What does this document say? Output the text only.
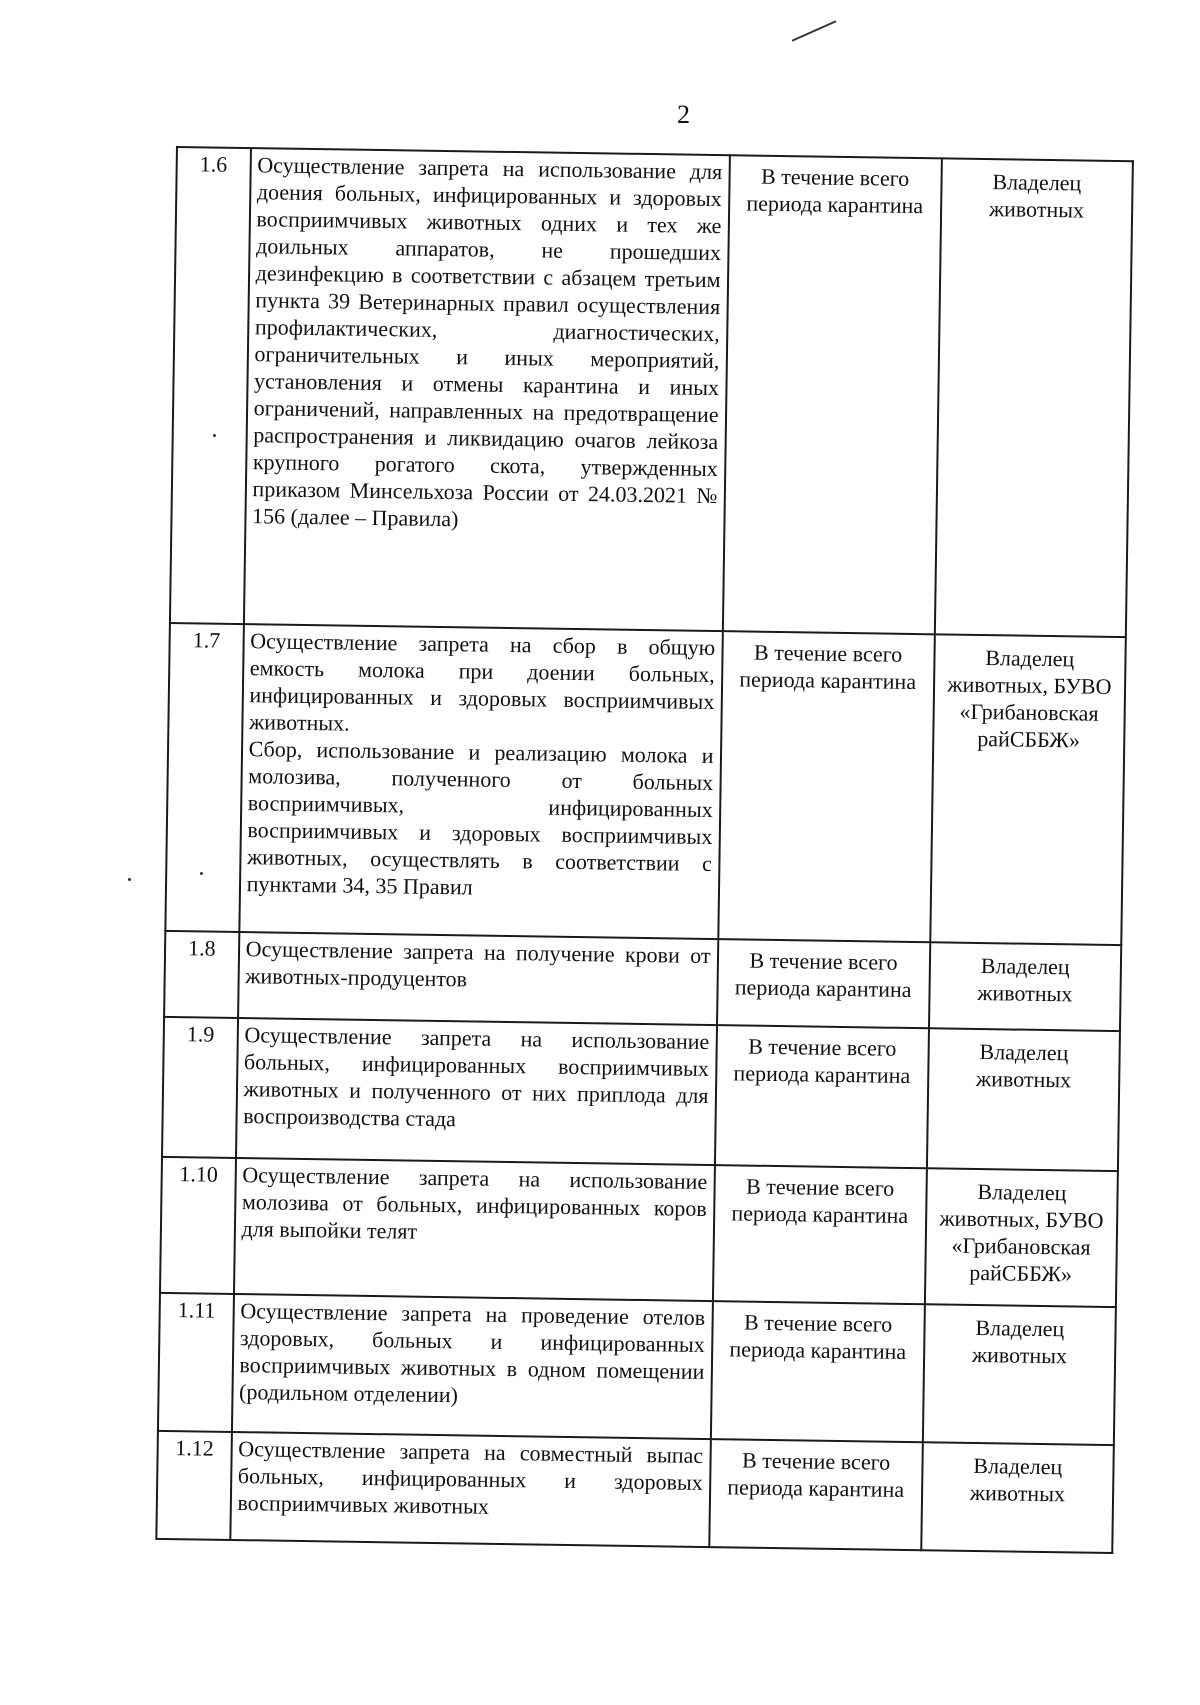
2
1.6	Осуществление запрета на использование для доения больных, инфицированных и здоровых восприимчивых животных одних и тех же доильных аппаратов, не прошедших дезинфекцию в соответствии с абзацем третьим пункта 39 Ветеринарных правил осуществления профилактических, диагностических, ограничительных и иных мероприятий, установления и отмены карантина и иных ограничений, направленных на предотвращение распространения и ликвидацию очагов лейкоза крупного рогатого скота, утвержденных приказом Минсельхоза России от 24.03.2021 № 156 (далее – Правила)	В течение всего периода карантина	Владелец животных
1.7	Осуществление запрета на сбор в общую емкость молока при доении больных, инфицированных и здоровых восприимчивых животных.
Сбор, использование и реализацию молока и молозива, полученного от больных восприимчивых, инфицированных восприимчивых и здоровых восприимчивых животных, осуществлять в соответствии с пунктами 34, 35 Правил	В течение всего периода карантина	Владелец животных, БУВО «Грибановская райСББЖ»
1.8	Осуществление запрета на получение крови от животных-продуцентов	В течение всего периода карантина	Владелец животных
1.9	Осуществление запрета на использование больных, инфицированных восприимчивых животных и полученного от них приплода для воспроизводства стада	В течение всего периода карантина	Владелец животных
1.10	Осуществление запрета на использование молозива от больных, инфицированных коров для выпойки телят	В течение всего периода карантина	Владелец животных, БУВО «Грибановская райСББЖ»
1.11	Осуществление запрета на проведение отелов здоровых, больных и инфицированных восприимчивых животных в одном помещении (родильном отделении)	В течение всего периода карантина	Владелец животных
1.12	Осуществление запрета на совместный выпас больных, инфицированных и здоровых восприимчивых животных	В течение всего периода карантина	Владелец животных
